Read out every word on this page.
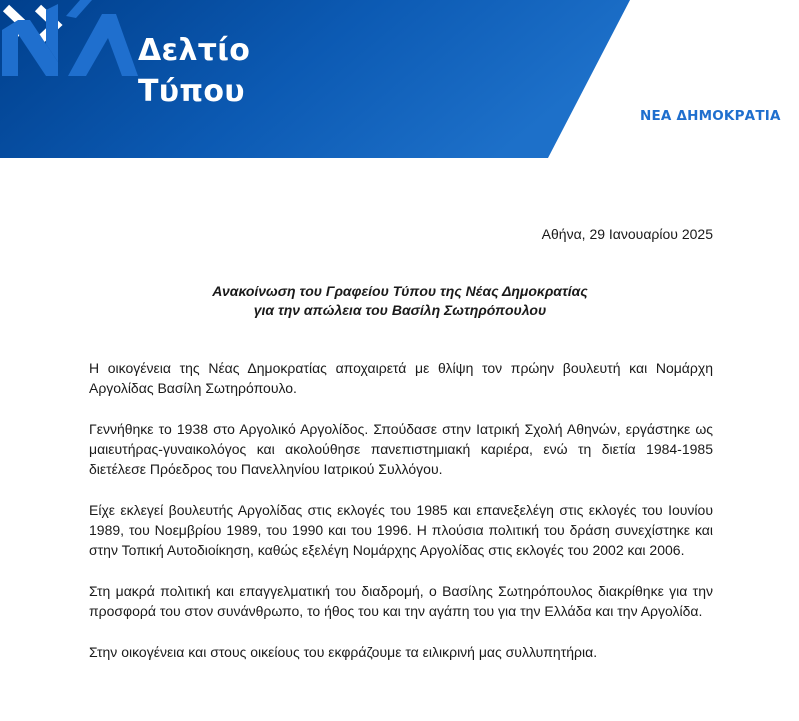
Δελτίο
Τύπου
ΝΕΑ ΔΗΜΟΚΡΑΤΙΑ
Αθήνα, 29 Ιανουαρίου 2025
Ανακοίνωση του Γραφείου Τύπου της Νέας Δημοκρατίας
για την απώλεια του Βασίλη Σωτηρόπουλου

Η οικογένεια της Νέας Δημοκρατίας αποχαιρετά με θλίψη τον πρώην βουλευτή και Νομάρχη Αργολίδας Βασίλη Σωτηρόπουλο.

Γεννήθηκε το 1938 στο Αργολικό Αργολίδος. Σπούδασε στην Ιατρική Σχολή Αθηνών, εργάστηκε ως μαιευτήρας-γυναικολόγος και ακολούθησε πανεπιστημιακή καριέρα, ενώ τη διετία 1984-1985 διετέλεσε Πρόεδρος του Πανελληνίου Ιατρικού Συλλόγου.

Είχε εκλεγεί βουλευτής Αργολίδας στις εκλογές του 1985 και επανεξελέγη στις εκλογές του Ιουνίου 1989, του Νοεμβρίου 1989, του 1990 και του 1996. Η πλούσια πολιτική του δράση συνεχίστηκε και στην Τοπική Αυτοδιοίκηση, καθώς εξελέγη Νομάρχης Αργολίδας στις εκλογές του 2002 και 2006.

Στη μακρά πολιτική και επαγγελματική του διαδρομή, ο Βασίλης Σωτηρόπουλος διακρίθηκε για την προσφορά του στον συνάνθρωπο, το ήθος του και την αγάπη του για την Ελλάδα και την Αργολίδα.

Στην οικογένεια και στους οικείους του εκφράζουμε τα ειλικρινή μας συλλυπητήρια.
